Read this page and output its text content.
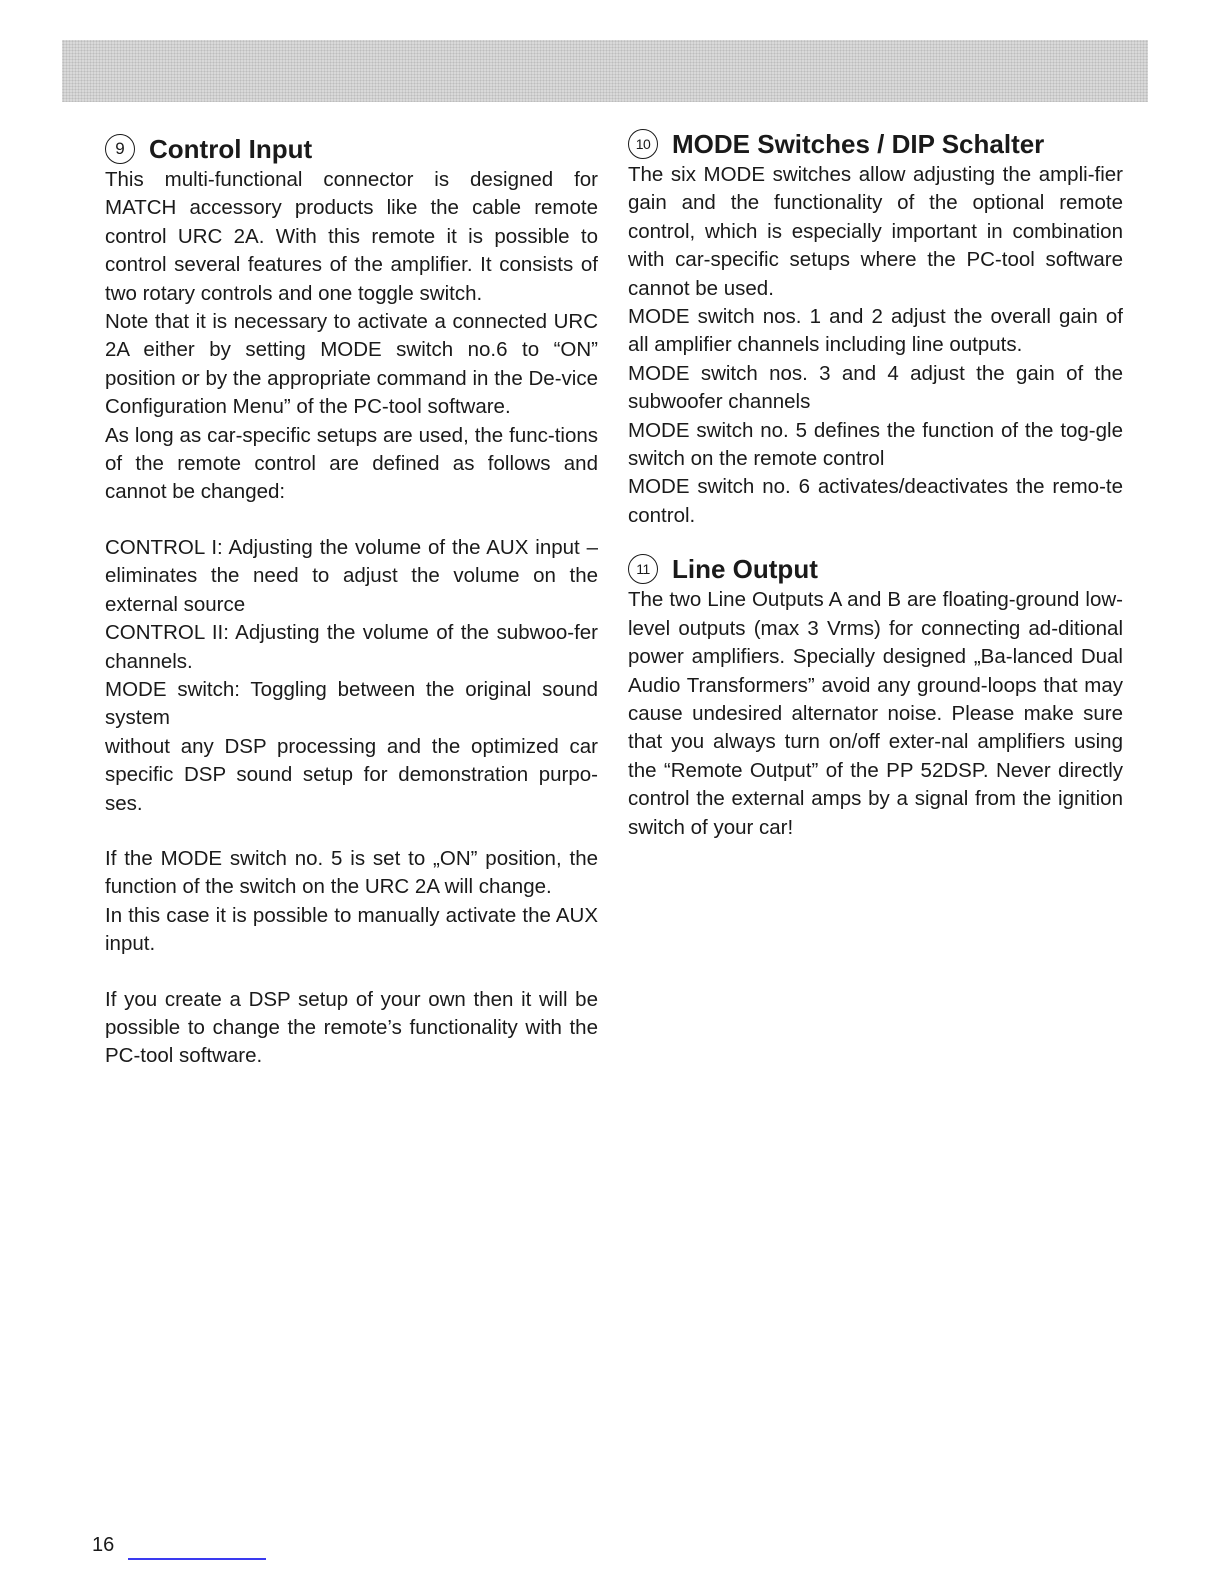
9 Control Input

This multi-functional connector is designed for MATCH accessory products like the cable remote control URC 2A. With this remote it is possible to control several features of the amplifier. It consists of two rotary controls and one toggle switch.

Note that it is necessary to activate a connected URC 2A either by setting MODE switch no.6 to “ON” position or by the appropriate command in the De-vice Configuration Menu” of the PC-tool software.

As long as car-specific setups are used, the func-tions of the remote control are defined as follows and cannot be changed:

CONTROL I: Adjusting the volume of the AUX input – eliminates the need to adjust the volume on the external source

CONTROL II: Adjusting the volume of the subwoo-fer channels.

MODE switch: Toggling between the original sound system

without any DSP processing and the optimized car specific DSP sound setup for demonstration purpo-ses.

If the MODE switch no. 5 is set to „ON” position, the function of the switch on the URC 2A will change.

In this case it is possible to manually activate the AUX input.

If you create a DSP setup of your own then it will be possible to change the remote’s functionality with the PC-tool software.

10 MODE Switches / DIP Schalter

The six MODE switches allow adjusting the ampli-fier gain and the functionality of the optional remote control, which is especially important in combination with car-specific setups where the PC-tool software cannot be used.

MODE switch nos. 1 and 2 adjust the overall gain of all amplifier channels including line outputs.

MODE switch nos. 3 and 4 adjust the gain of the subwoofer channels

MODE switch no. 5 defines the function of the tog-gle switch on the remote control

MODE switch no. 6 activates/deactivates the remo-te control.

11 Line Output

The two Line Outputs A and B are floating-ground low-level outputs (max 3 Vrms) for connecting ad-ditional power amplifiers. Specially designed „Ba-lanced Dual Audio Transformers” avoid any ground-loops that may cause undesired alternator noise. Please make sure that you always turn on/off exter-nal amplifiers using the “Remote Output” of the PP 52DSP. Never directly control the external amps by a signal from the ignition switch of your car!

16
